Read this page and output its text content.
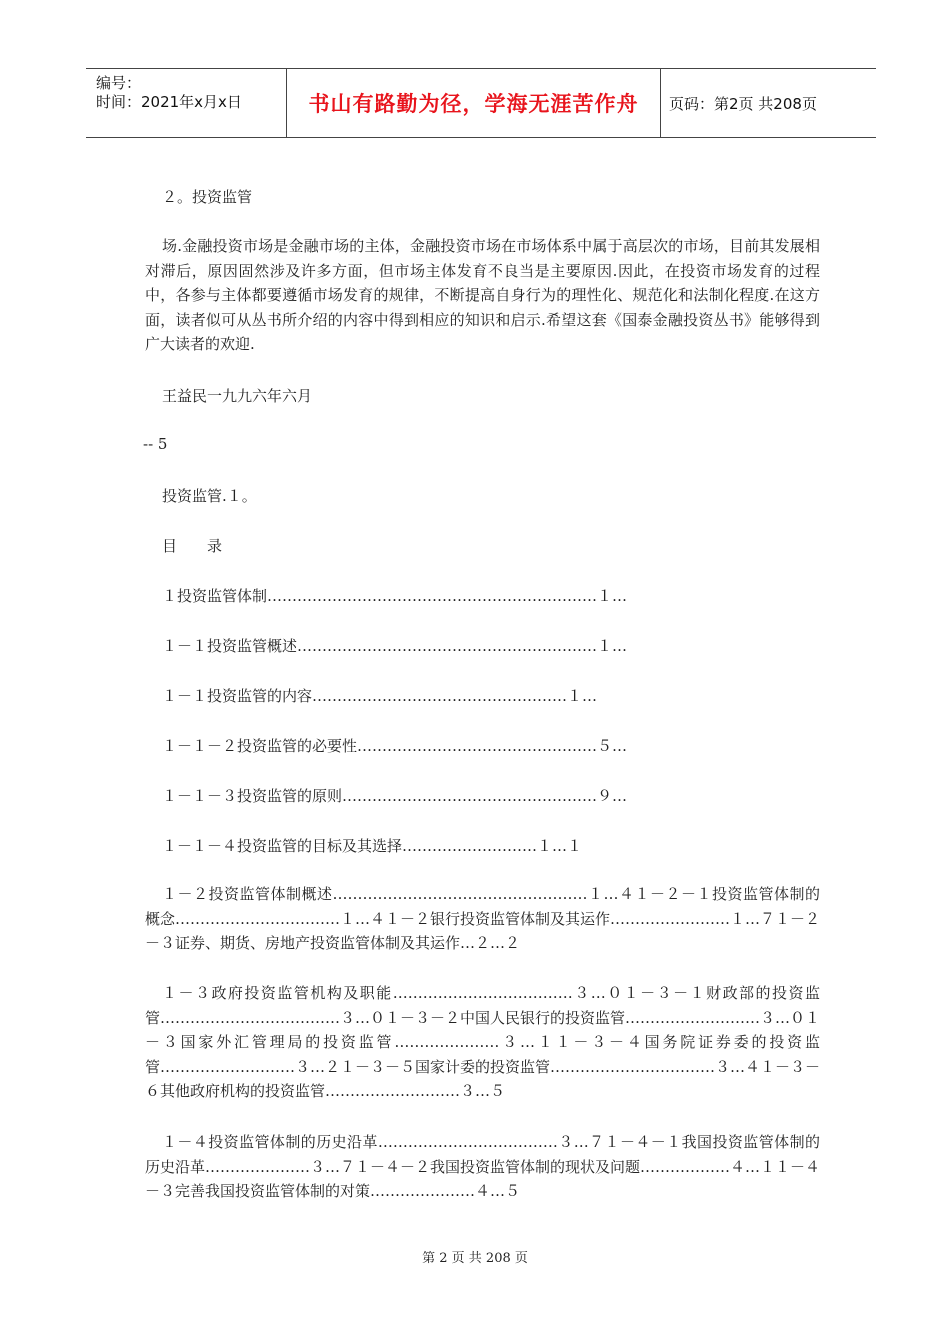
编号：
时间：2021年x月x日	书山有路勤为径，学海无涯苦作舟 页码：第2页 共208页
２。投资监管
场.金融投资市场是金融市场的主体，金融投资市场在市场体系中属于高层次的市场，目前其发展相对滞后，原因固然涉及许多方面，但市场主体发育不良当是主要原因.因此，在投资市场发育的过程中，各参与主体都要遵循市场发育的规律，不断提高自身行为的理性化、规范化和法制化程度.在这方面，读者似可从丛书所介绍的内容中得到相应的知识和启示.希望这套《国泰金融投资丛书》能够得到广大读者的欢迎.
王益民一九九六年六月
-- 5
投资监管.１。
目　　录
１投资监管体制…………………………………………………………１…
１－１投资监管概述……………………………………………………１…
１－１投资监管的内容……………………………………………１…
１－１－２投资监管的必要性…………………………………………５…
１－１－３投资监管的原则……………………………………………９…
１－１－４投资监管的目标及其选择………………………１…１
１－２投资监管体制概述……………………………………………１…４１－２－１投资监管体制的概念……………………………１…４１－２银行投资监管体制及其运作……………………１…７１－２－３证券、期货、房地产投资监管体制及其运作…２…２
１－３政府投资监管机构及职能………………………………３…０１－３－１财政部的投资监管………………………………３…０１－３－２中国人民银行的投资监管………………………３…０１－３国家外汇管理局的投资监管…………………３…１１－３－４国务院证券委的投资监管………………………３…２１－３－５国家计委的投资监管……………………………３…４１－３－６其他政府机构的投资监管………………………３…５
１－４投资监管体制的历史沿革………………………………３…７１－４－１我国投资监管体制的历史沿革…………………３…７１－４－２我国投资监管体制的现状及问题………………４…１１－４－３完善我国投资监管体制的对策…………………４…５
第 2 页 共 208 页
